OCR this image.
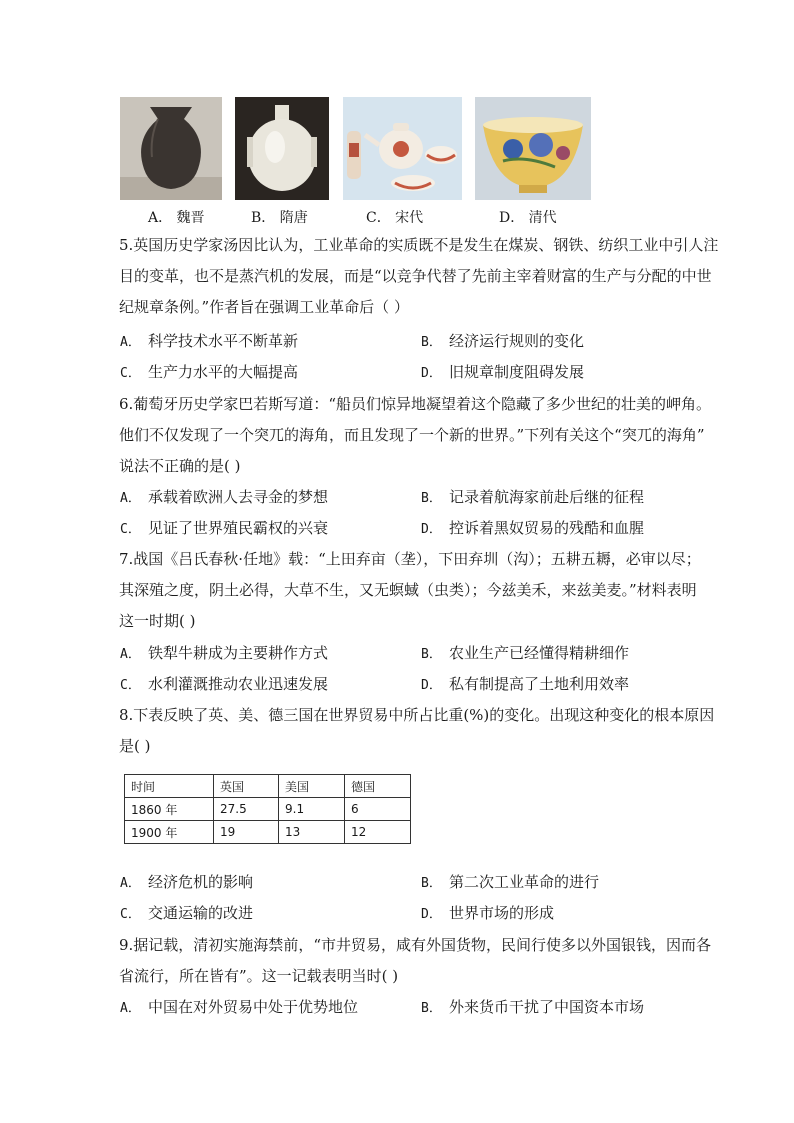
A． 魏晋	B． 隋唐	C． 宋代	D． 清代
5.英国历史学家汤因比认为，工业革命的实质既不是发生在煤炭、钢铁、纺织工业中引人注
目的变革，也不是蒸汽机的发展，而是“以竞争代替了先前主宰着财富的生产与分配的中世
纪规章条例。”作者旨在强调工业革命后（ ）
A． 科学技术水平不断革新	B． 经济运行规则的变化
C． 生产力水平的大幅提高	D． 旧规章制度阻碍发展
6.葡萄牙历史学家巴若斯写道：“船员们惊异地凝望着这个隐藏了多少世纪的壮美的岬角。
他们不仅发现了一个突兀的海角，而且发现了一个新的世界。”下列有关这个“突兀的海角”
说法不正确的是( )
A． 承载着欧洲人去寻金的梦想	B． 记录着航海家前赴后继的征程
C． 见证了世界殖民霸权的兴衰	D． 控诉着黑奴贸易的残酷和血腥
7.战国《吕氏春秋·任地》载：“上田弃亩（垄），下田弃圳（沟）；五耕五耨，必审以尽；
其深殖之度，阴土必得，大草不生，又无螟蜮（虫类）；今兹美禾，来兹美麦。”材料表明
这一时期( )
A． 铁犁牛耕成为主要耕作方式	B． 农业生产已经懂得精耕细作
C． 水利灌溉推动农业迅速发展	D． 私有制提高了土地利用效率
8.下表反映了英、美、德三国在世界贸易中所占比重(%)的变化。出现这种变化的根本原因
是( )
时间	英国	美国	德国
1860 年	27.5	9.1	6
1900 年	19	13	12
A． 经济危机的影响	B． 第二次工业革命的进行
C． 交通运输的改进	D． 世界市场的形成
9.据记载，清初实施海禁前，“市井贸易，咸有外国货物，民间行使多以外国银钱，因而各
省流行，所在皆有”。这一记载表明当时( )
A． 中国在对外贸易中处于优势地位	B． 外来货币干扰了中国资本市场
